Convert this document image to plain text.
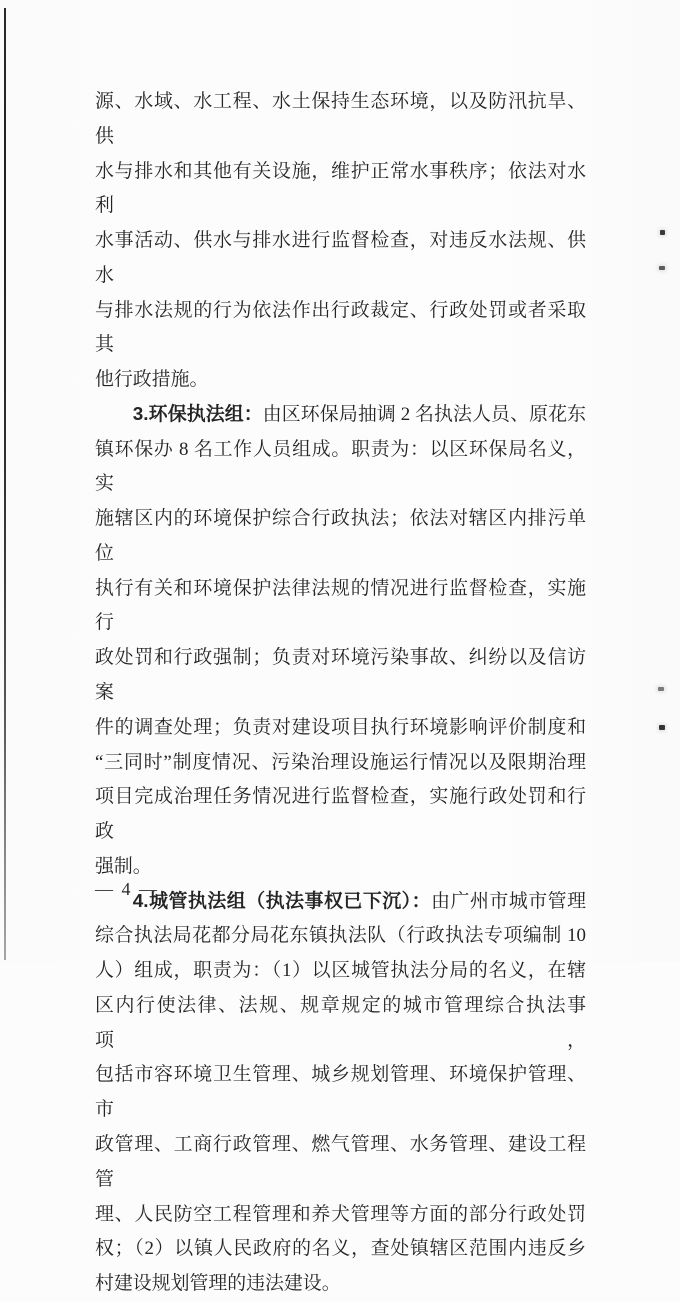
源、水域、水工程、水土保持生态环境，以及防汛抗旱、供
水与排水和其他有关设施，维护正常水事秩序；依法对水利
水事活动、供水与排水进行监督检查，对违反水法规、供水
与排水法规的行为依法作出行政裁定、行政处罚或者采取其
他行政措施。
3.环保执法组：由区环保局抽调 2 名执法人员、原花东
镇环保办 8 名工作人员组成。职责为：以区环保局名义，实
施辖区内的环境保护综合行政执法；依法对辖区内排污单位
执行有关和环境保护法律法规的情况进行监督检查，实施行
政处罚和行政强制；负责对环境污染事故、纠纷以及信访案
件的调查处理；负责对建设项目执行环境影响评价制度和
“三同时”制度情况、污染治理设施运行情况以及限期治理
项目完成治理任务情况进行监督检查，实施行政处罚和行政
强制。
4.城管执法组（执法事权已下沉）：由广州市城市管理
综合执法局花都分局花东镇执法队（行政执法专项编制 10
人）组成，职责为：（1）以区城管执法分局的名义，在辖
区内行使法律、法规、规章规定的城市管理综合执法事项，
包括市容环境卫生管理、城乡规划管理、环境保护管理、市
政管理、工商行政管理、燃气管理、水务管理、建设工程管
理、人民防空工程管理和养犬管理等方面的部分行政处罚
权；（2）以镇人民政府的名义，查处镇辖区范围内违反乡
村建设规划管理的违法建设。
— 4 —
